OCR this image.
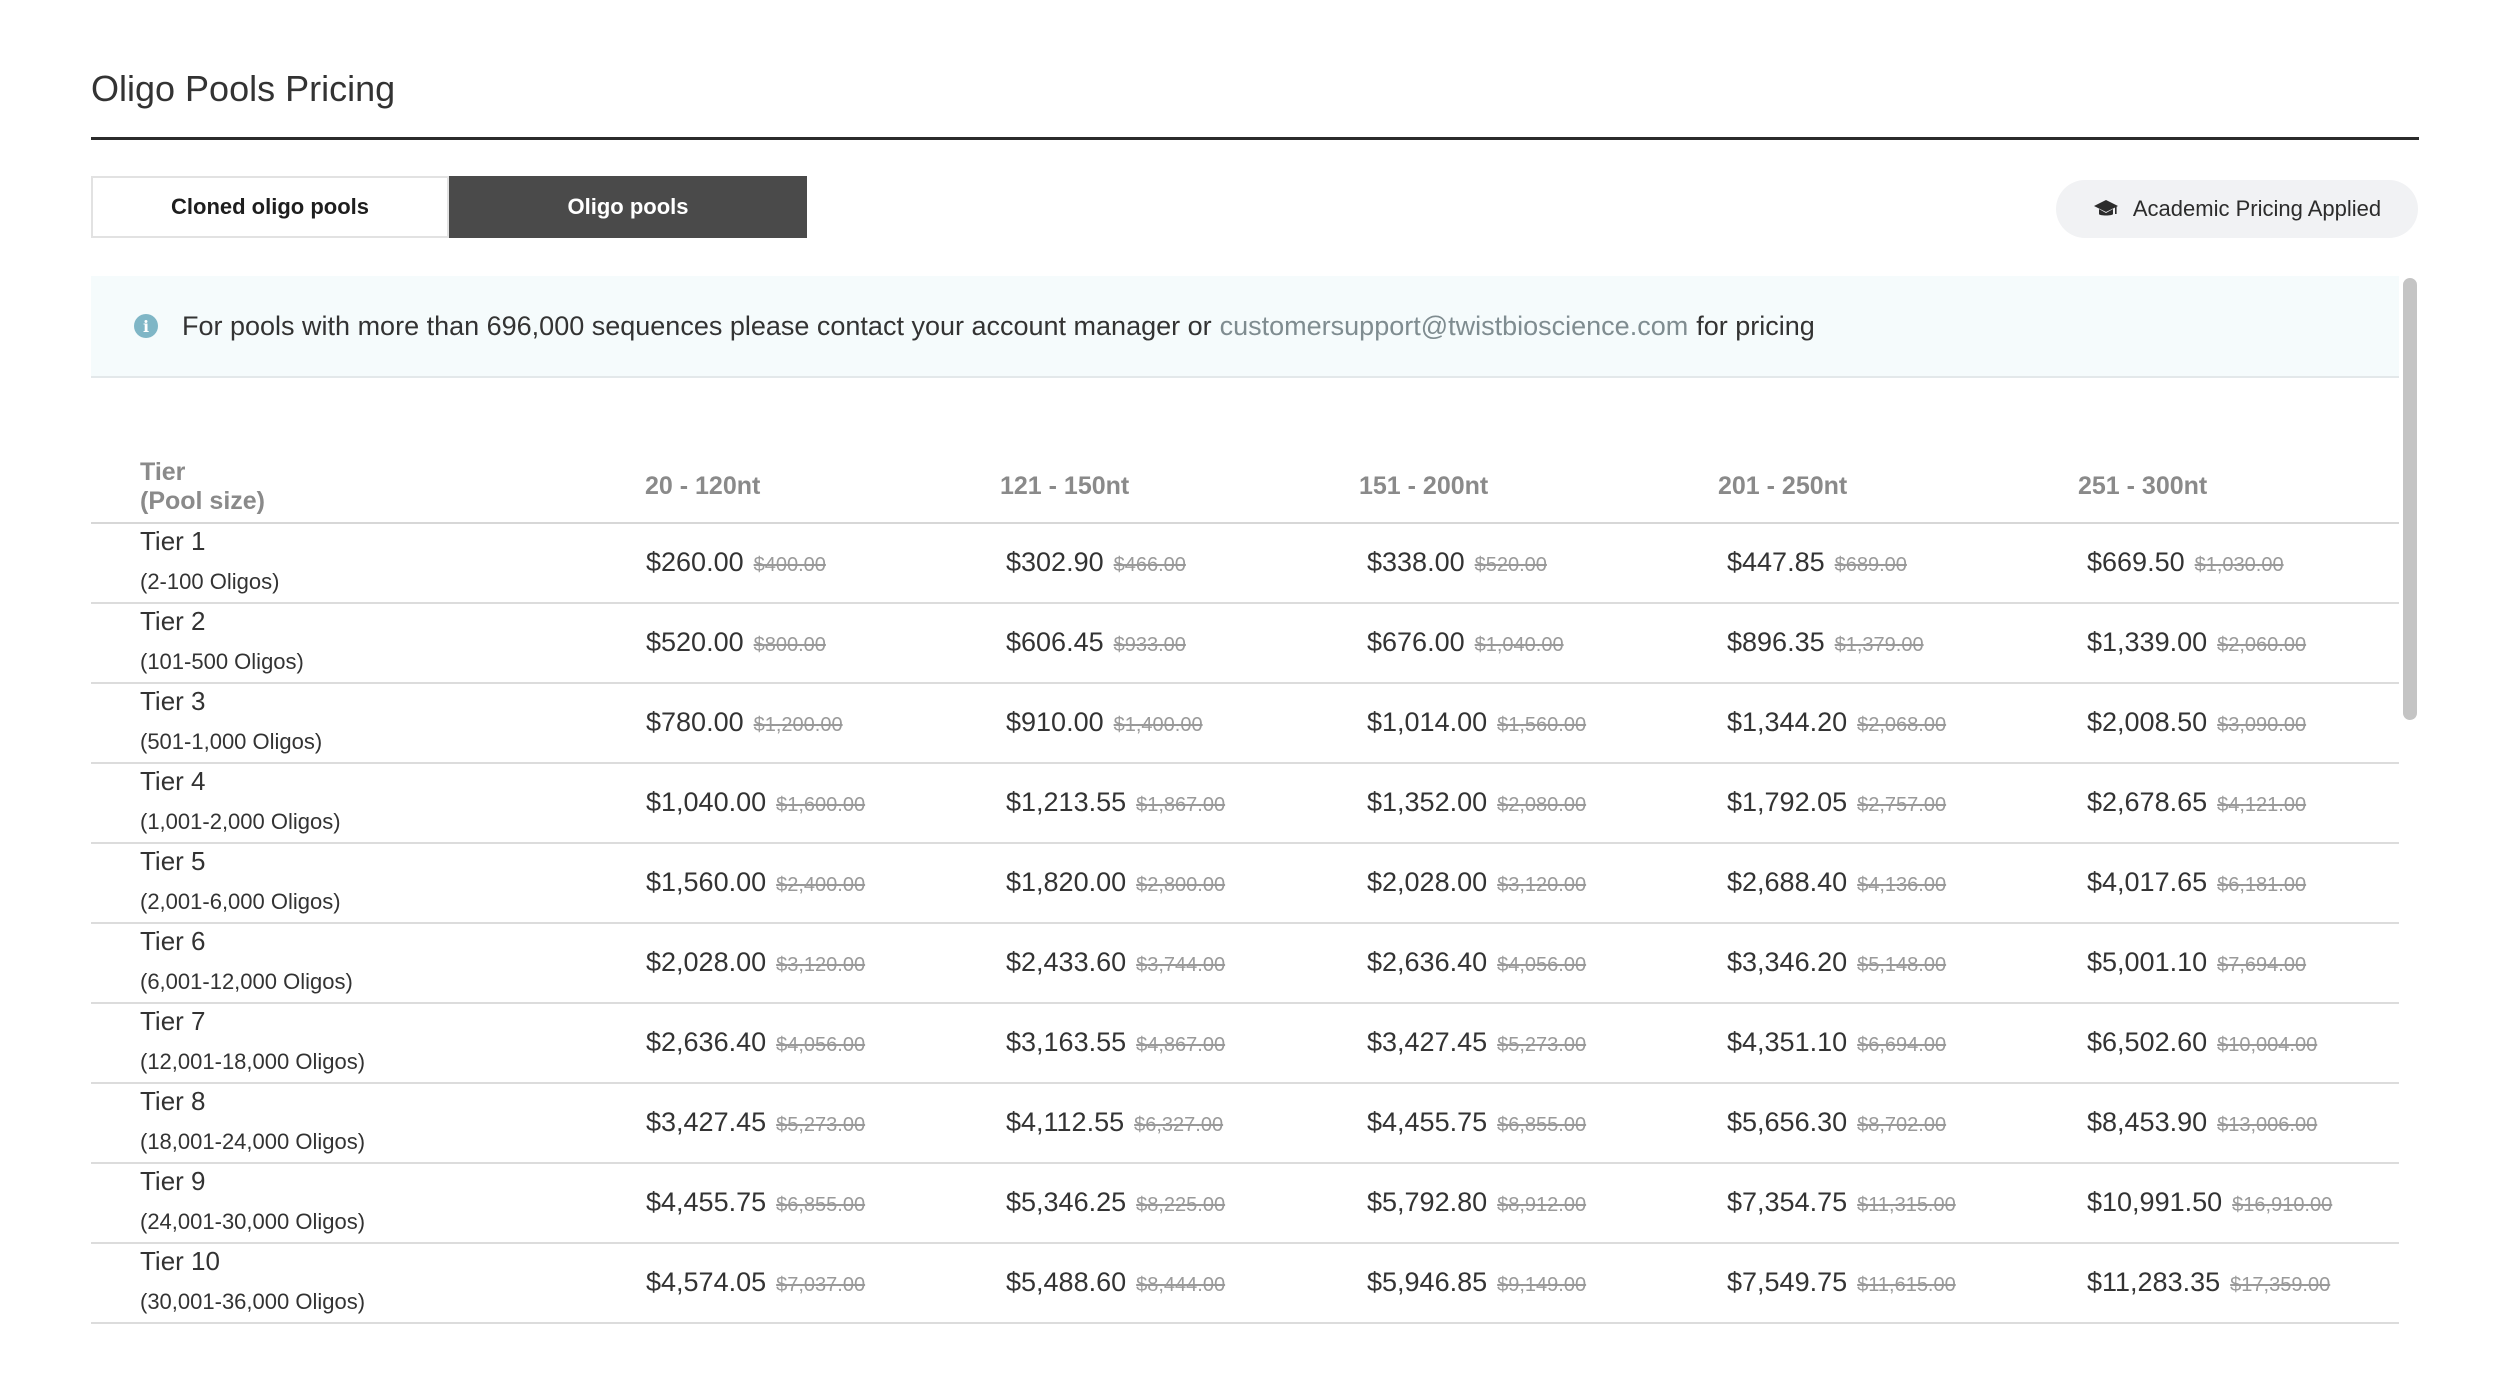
Oligo Pools Pricing
Cloned oligo pools	Oligo pools	Academic Pricing Applied
i	For pools with more than 696,000 sequences please contact your account manager or customersupport@twistbioscience.com for pricing
Tier
(Pool size)
20 - 120nt	121 - 150nt	151 - 200nt	201 - 250nt	251 - 300nt
Tier 1
(2-100 Oligos)
$260.00 $400.00	$302.90 $466.00	$338.00 $520.00	$447.85 $689.00	$669.50 $1,030.00
Tier 2
(101-500 Oligos)
$520.00 $800.00	$606.45 $933.00	$676.00 $1,040.00	$896.35 $1,379.00	$1,339.00 $2,060.00
Tier 3
(501-1,000 Oligos)
$780.00 $1,200.00	$910.00 $1,400.00	$1,014.00 $1,560.00	$1,344.20 $2,068.00	$2,008.50 $3,090.00
Tier 4
(1,001-2,000 Oligos)
$1,040.00 $1,600.00	$1,213.55 $1,867.00	$1,352.00 $2,080.00	$1,792.05 $2,757.00	$2,678.65 $4,121.00
Tier 5
(2,001-6,000 Oligos)
$1,560.00 $2,400.00	$1,820.00 $2,800.00	$2,028.00 $3,120.00	$2,688.40 $4,136.00	$4,017.65 $6,181.00
Tier 6
(6,001-12,000 Oligos)
$2,028.00 $3,120.00	$2,433.60 $3,744.00	$2,636.40 $4,056.00	$3,346.20 $5,148.00	$5,001.10 $7,694.00
Tier 7
(12,001-18,000 Oligos)
$2,636.40 $4,056.00	$3,163.55 $4,867.00	$3,427.45 $5,273.00	$4,351.10 $6,694.00	$6,502.60 $10,004.00
Tier 8
(18,001-24,000 Oligos)
$3,427.45 $5,273.00	$4,112.55 $6,327.00	$4,455.75 $6,855.00	$5,656.30 $8,702.00	$8,453.90 $13,006.00
Tier 9
(24,001-30,000 Oligos)
$4,455.75 $6,855.00	$5,346.25 $8,225.00	$5,792.80 $8,912.00	$7,354.75 $11,315.00	$10,991.50 $16,910.00
Tier 10
(30,001-36,000 Oligos)
$4,574.05 $7,037.00	$5,488.60 $8,444.00	$5,946.85 $9,149.00	$7,549.75 $11,615.00	$11,283.35 $17,359.00
